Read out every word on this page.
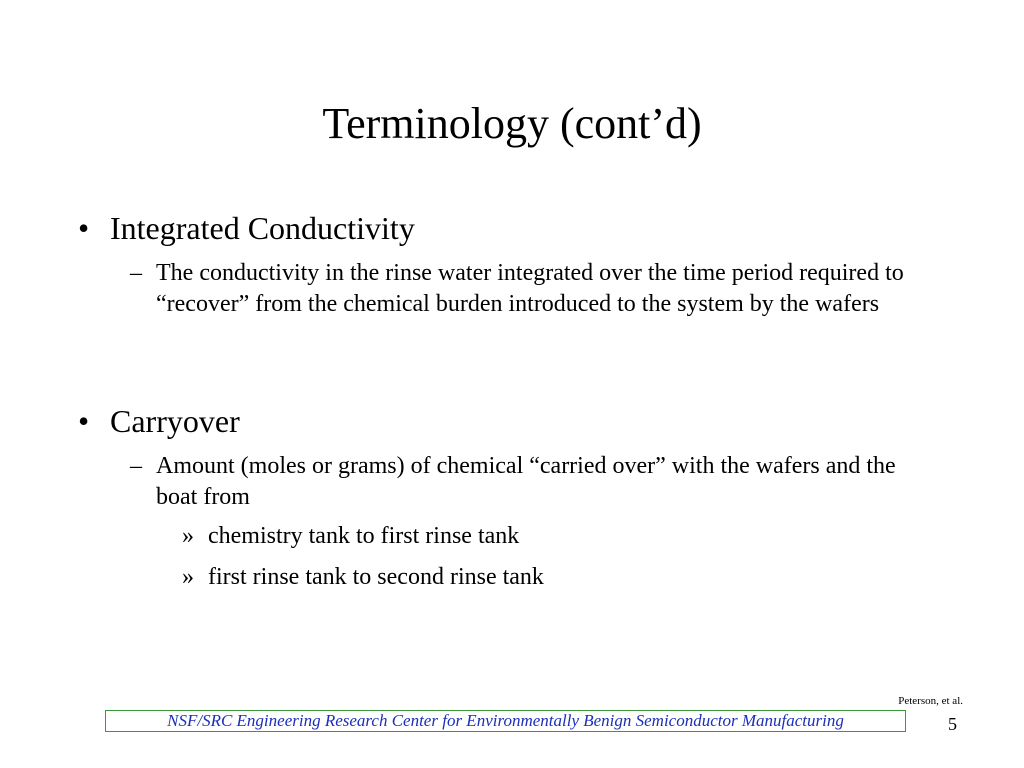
Terminology (cont’d)
• Integrated Conductivity
– The conductivity in the rinse water integrated over the time period required to “recover” from the chemical burden introduced to the system by the wafers
• Carryover
– Amount (moles or grams) of chemical “carried over” with the wafers and the boat from
» chemistry tank to first rinse tank
» first rinse tank to second rinse tank
Peterson, et al.
NSF/SRC Engineering Research Center for Environmentally Benign Semiconductor Manufacturing	5
